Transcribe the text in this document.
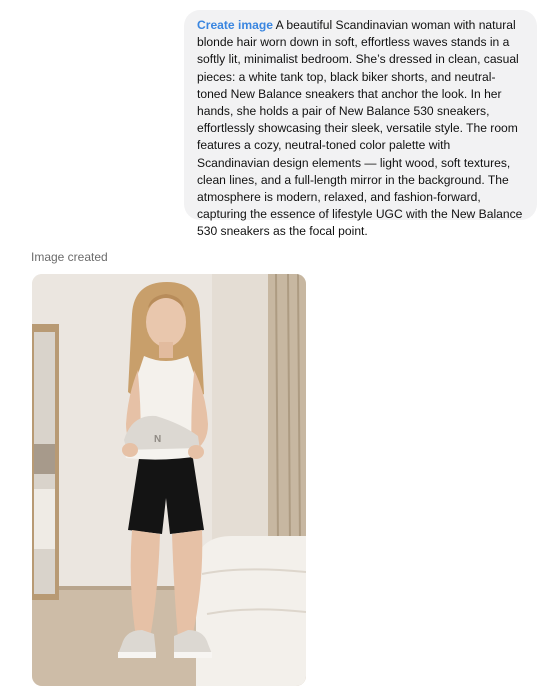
Create image A beautiful Scandinavian woman with natural blonde hair worn down in soft, effortless waves stands in a softly lit, minimalist bedroom. She’s dressed in clean, casual pieces: a white tank top, black biker shorts, and neutral-toned New Balance sneakers that anchor the look. In her hands, she holds a pair of New Balance 530 sneakers, effortlessly showcasing their sleek, versatile style. The room features a cozy, neutral-toned color palette with Scandinavian design elements — light wood, soft textures, clean lines, and a full-length mirror in the background. The atmosphere is modern, relaxed, and fashion-forward, capturing the essence of lifestyle UGC with the New Balance 530 sneakers as the focal point.
Image created
N
